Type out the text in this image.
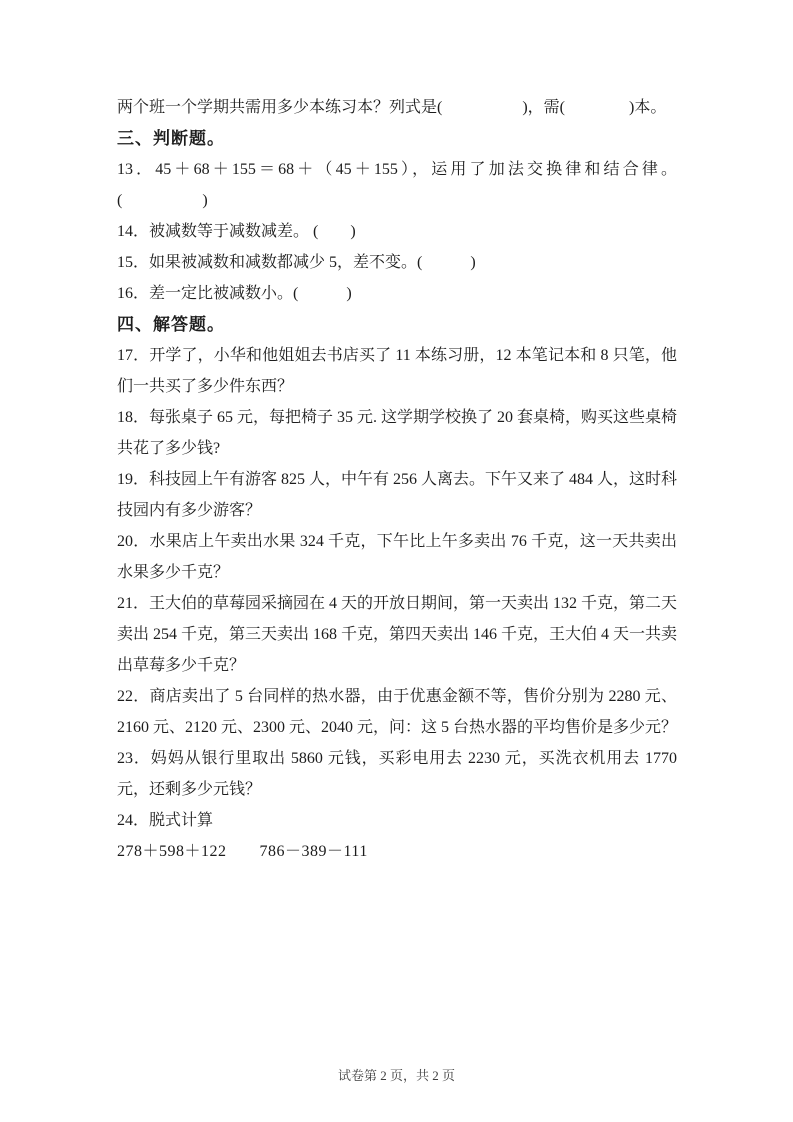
两个班一个学期共需用多少本练习本？列式是(　　　　　)，需(　　　　)本。

三、判断题。

13．45＋68＋155＝68＋（45＋155），运用了加法交换律和结合律。(　　　　　)

14．被减数等于减数减差。 (　　)

15．如果被减数和减数都减少 5，差不变。(　　　)

16．差一定比被减数小。(　　　)

四、解答题。

17．开学了，小华和他姐姐去书店买了 11 本练习册，12 本笔记本和 8 只笔，他们一共买了多少件东西？

18．每张桌子 65 元，每把椅子 35 元. 这学期学校换了 20 套桌椅，购买这些桌椅共花了多少钱?

19．科技园上午有游客 825 人，中午有 256 人离去。下午又来了 484 人，这时科技园内有多少游客？

20．水果店上午卖出水果 324 千克，下午比上午多卖出 76 千克，这一天共卖出水果多少千克？

21．王大伯的草莓园采摘园在 4 天的开放日期间，第一天卖出 132 千克，第二天卖出 254 千克，第三天卖出 168 千克，第四天卖出 146 千克，王大伯 4 天一共卖出草莓多少千克？

22．商店卖出了 5 台同样的热水器，由于优惠金额不等，售价分别为 2280 元、2160 元、2120 元、2300 元、2040 元，问：这 5 台热水器的平均售价是多少元？

23．妈妈从银行里取出 5860 元钱，买彩电用去 2230 元，买洗衣机用去 1770 元，还剩多少元钱？

24．脱式计算

278＋598＋122　　786－389－111

试卷第 2 页，共 2 页
